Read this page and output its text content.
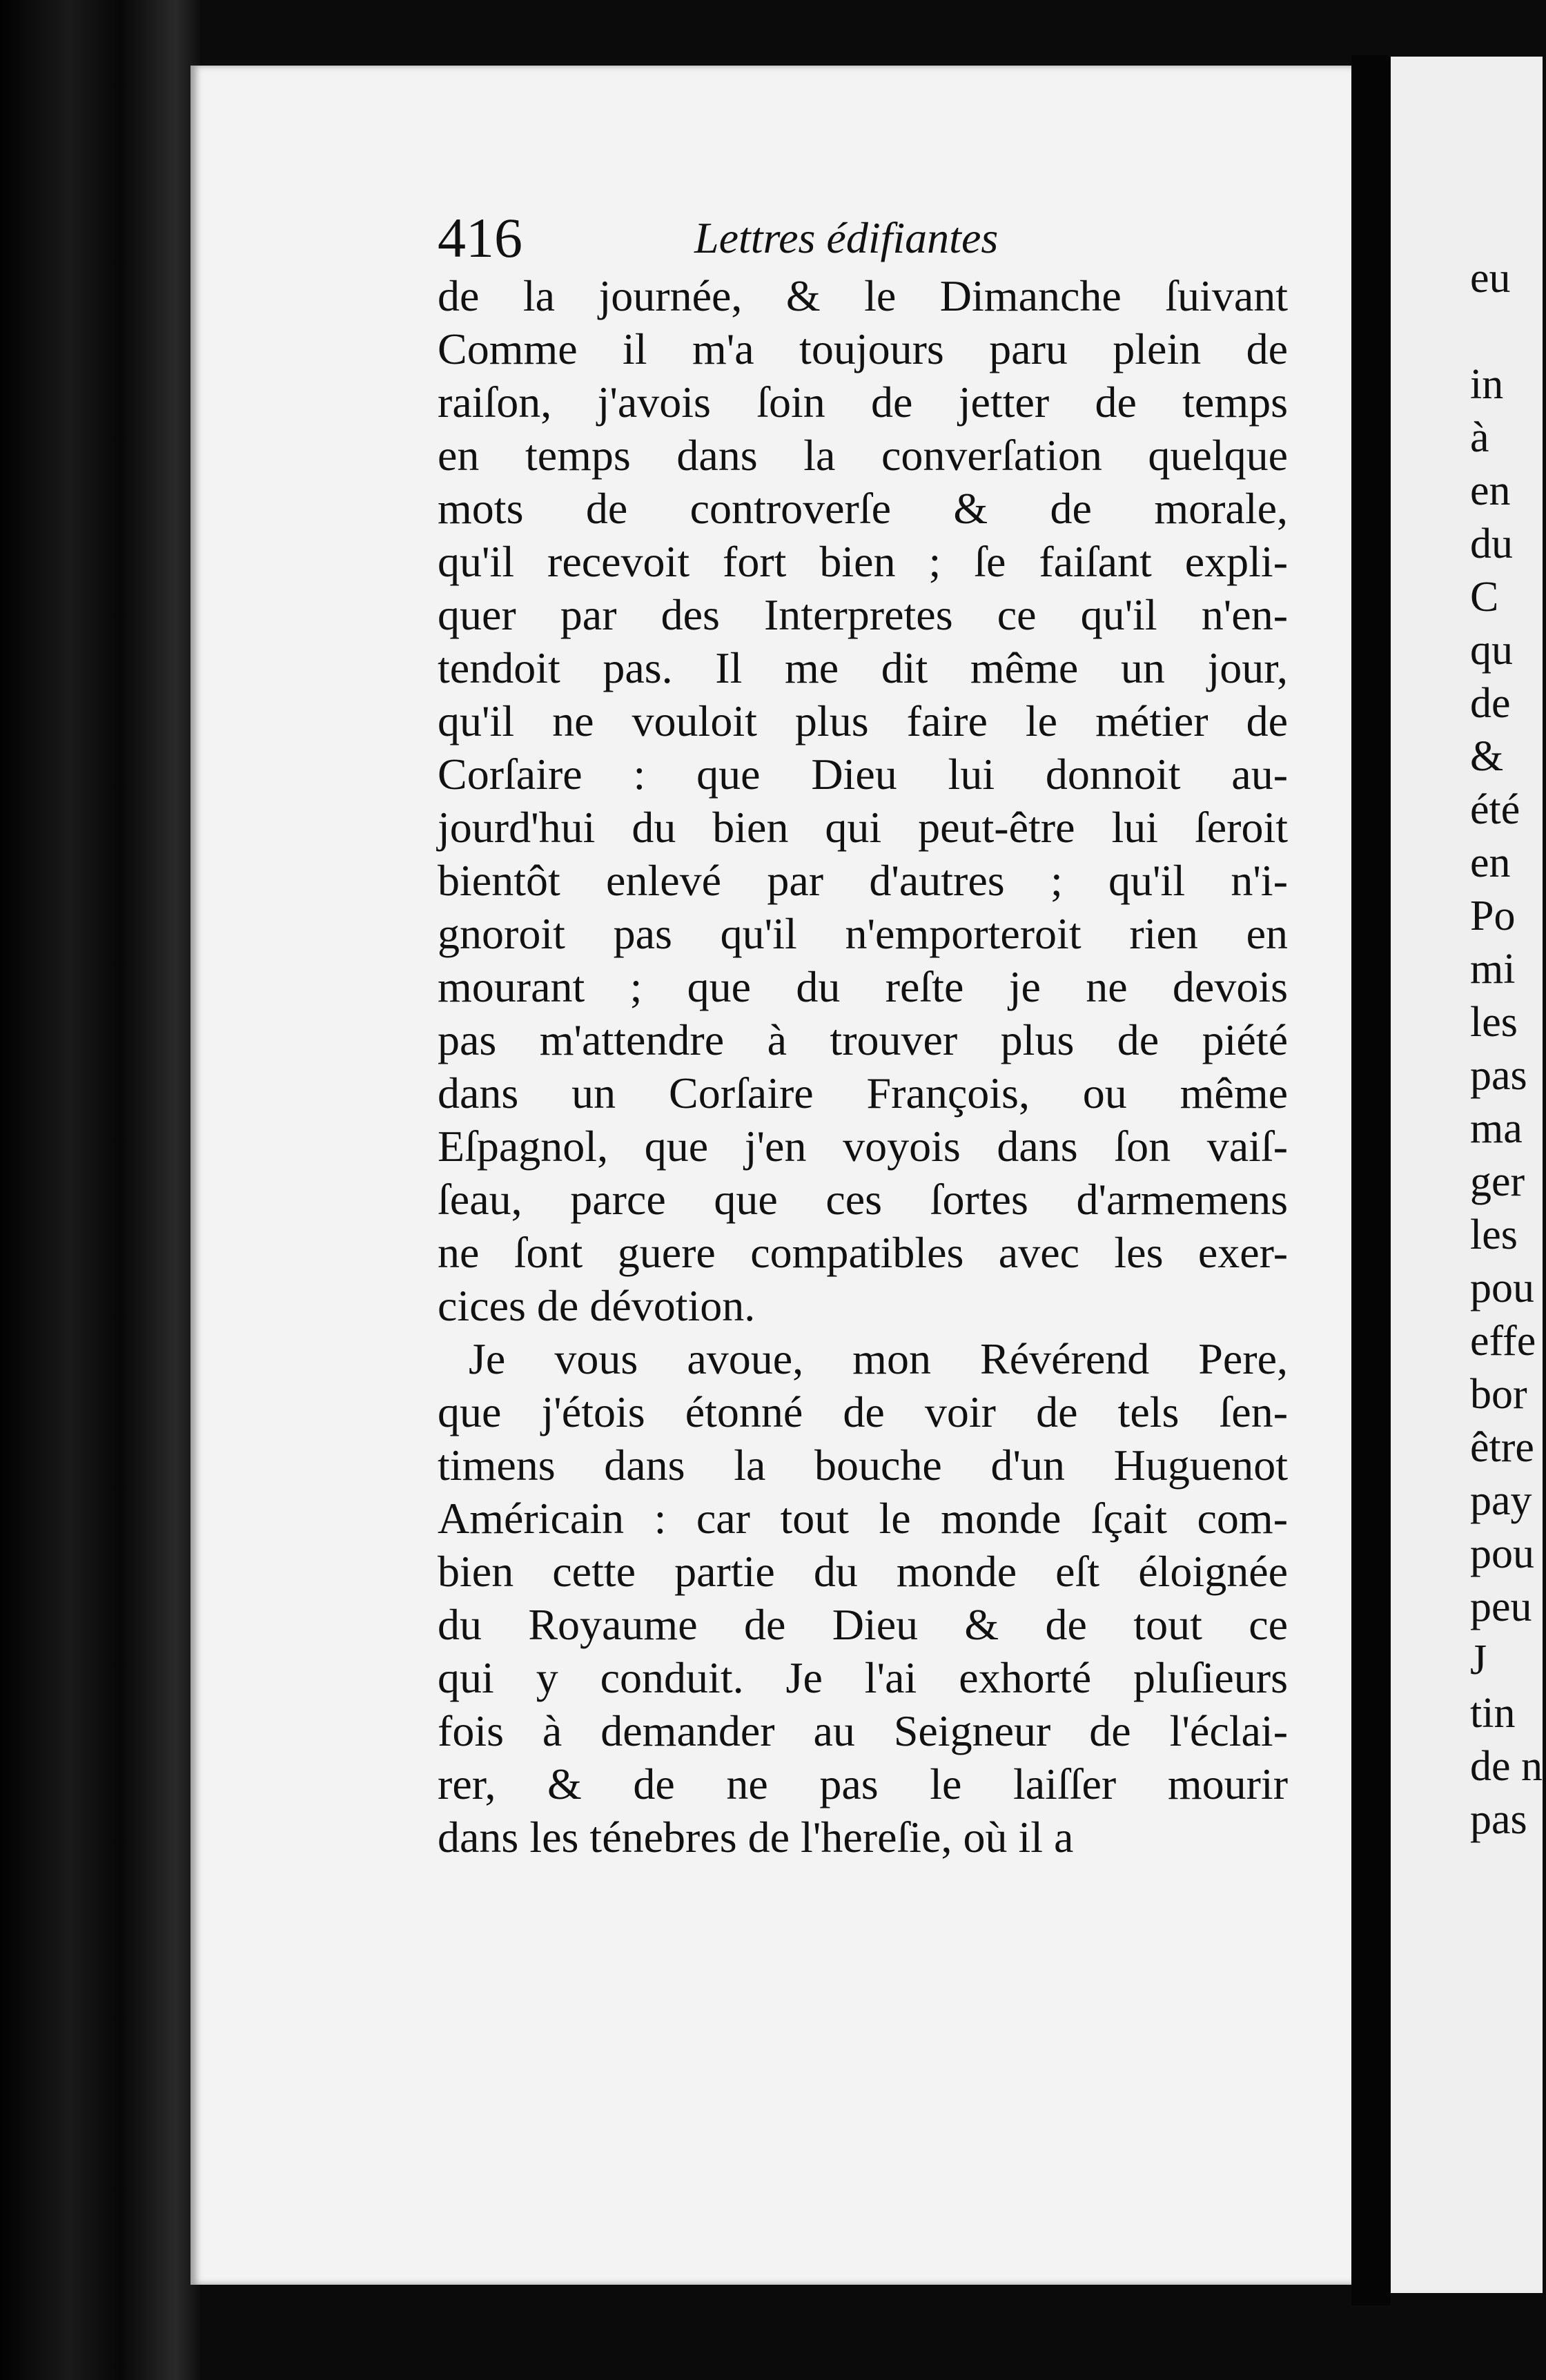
416	Lettres édifiantes
de la journée, & le Dimanche ſuivant
Comme il m'a toujours paru plein de
raiſon, j'avois ſoin de jetter de temps
en temps dans la converſation quelque
mots de controverſe & de morale,
qu'il recevoit fort bien ; ſe faiſant expli-
quer par des Interpretes ce qu'il n'en-
tendoit pas. Il me dit même un jour,
qu'il ne vouloit plus faire le métier de
Corſaire : que Dieu lui donnoit au-
jourd'hui du bien qui peut-être lui ſeroit
bientôt enlevé par d'autres ; qu'il n'i-
gnoroit pas qu'il n'emporteroit rien en
mourant ; que du reſte je ne devois
pas m'attendre à trouver plus de piété
dans un Corſaire François, ou même
Eſpagnol, que j'en voyois dans ſon vaiſ-
ſeau, parce que ces ſortes d'armemens
ne ſont guere compatibles avec les exer-
cices de dévotion.
Je vous avoue, mon Révérend Pere,
que j'étois étonné de voir de tels ſen-
timens dans la bouche d'un Huguenot
Américain : car tout le monde ſçait com-
bien cette partie du monde eſt éloignée
du Royaume de Dieu & de tout ce
qui y conduit. Je l'ai exhorté pluſieurs
fois à demander au Seigneur de l'éclai-
rer, & de ne pas le laiſſer mourir
dans les ténebres de l'hereſie, où il a
eu
in
à
en
du
C
qu
de
&
été
en
Po
mi
les
pas
ma
ger
les
pou
effe
bor
être
pay
pou
peu
J
tin
de n
pas
